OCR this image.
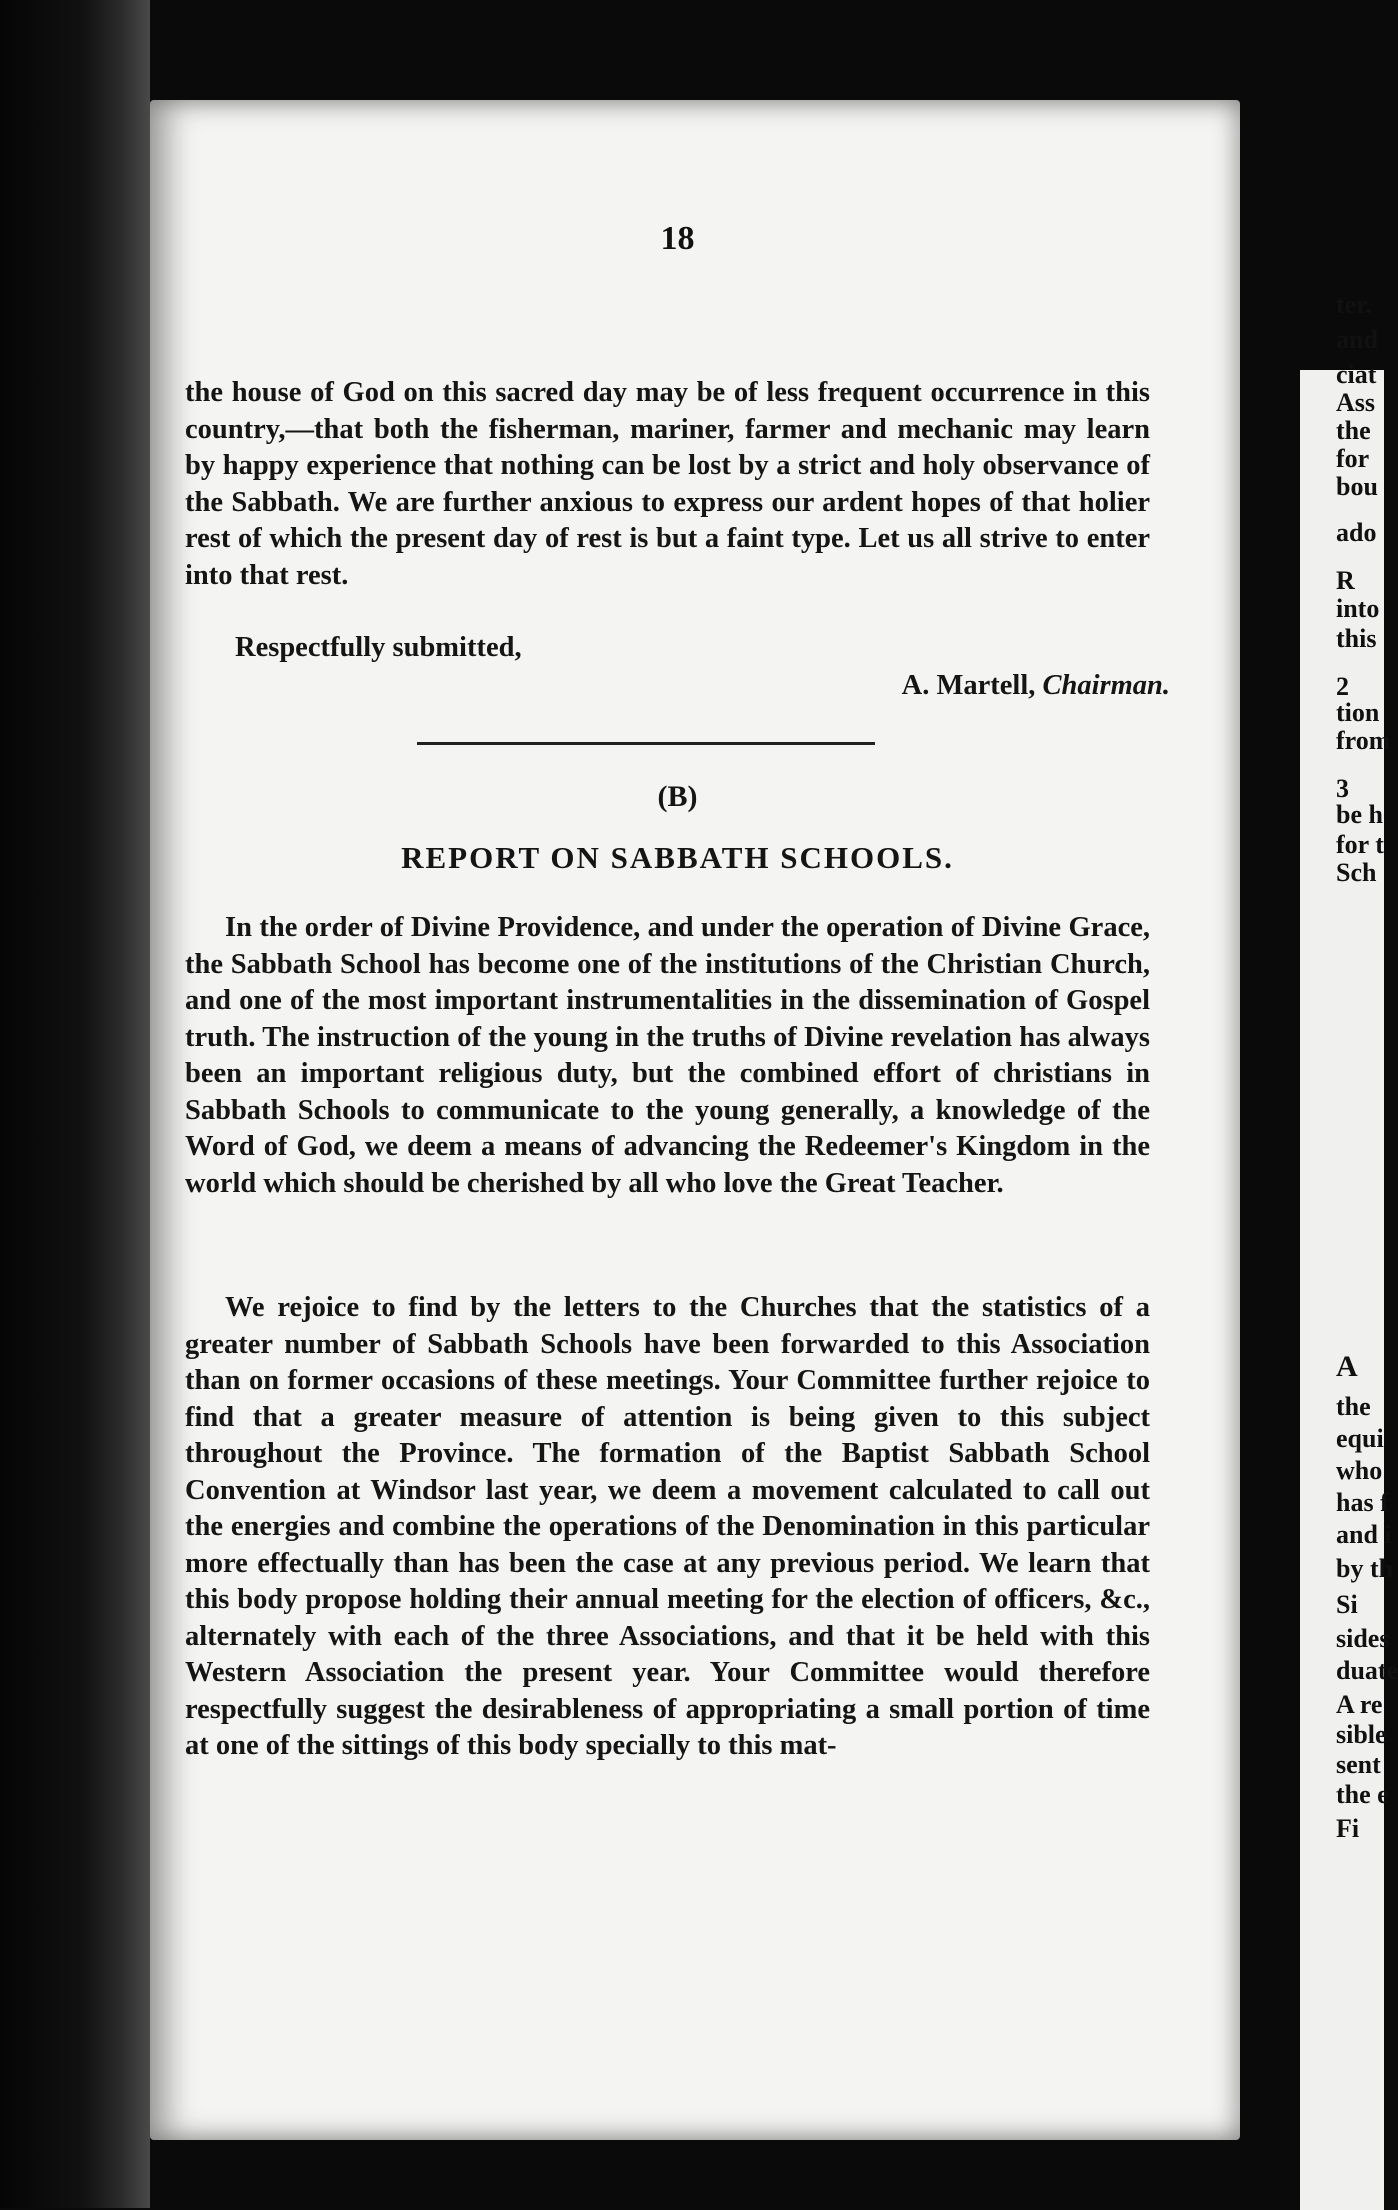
ter.
and
ciat
Ass
the
for
bou
ado
R
into
this
2
tion
from
3
be h
for t
Sch
A
the
equi
who
has f
and i
by th
Si
sides
duate
A re
sible
sent
the e
Fi
18

the house of God on this sacred day may be of less frequent occurrence in this country,—that both the fisherman, mariner, farmer and mechanic may learn by happy experience that nothing can be lost by a strict and holy observance of the Sabbath. We are further anxious to express our ardent hopes of that holier rest of which the present day of rest is but a faint type. Let us all strive to enter into that rest.

Respectfully submitted,
A. Martell, Chairman.
(B)
REPORT ON SABBATH SCHOOLS.

In the order of Divine Providence, and under the operation of Divine Grace, the Sabbath School has become one of the institutions of the Christian Church, and one of the most important instrumentalities in the dissemination of Gospel truth. The instruction of the young in the truths of Divine revelation has always been an important religious duty, but the combined effort of christians in Sabbath Schools to communicate to the young generally, a knowledge of the Word of God, we deem a means of advancing the Redeemer's Kingdom in the world which should be cherished by all who love the Great Teacher.

We rejoice to find by the letters to the Churches that the statistics of a greater number of Sabbath Schools have been forwarded to this Association than on former occasions of these meetings. Your Committee further rejoice to find that a greater measure of attention is being given to this subject throughout the Province. The formation of the Baptist Sabbath School Convention at Windsor last year, we deem a movement calculated to call out the energies and combine the operations of the Denomination in this particular more effectually than has been the case at any previous period. We learn that this body propose holding their annual meeting for the election of officers, &c., alternately with each of the three Associations, and that it be held with this Western Association the present year. Your Committee would therefore respectfully suggest the desirableness of appropriating a small portion of time at one of the sittings of this body specially to this mat-
